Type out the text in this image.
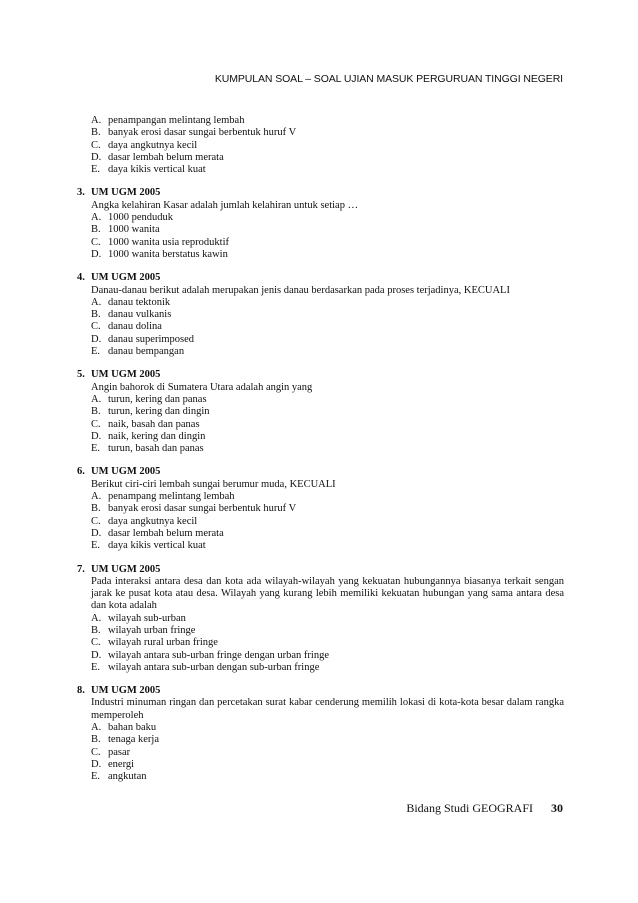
KUMPULAN SOAL – SOAL UJIAN MASUK PERGURUAN TINGGI NEGERI
A. penampangan melintang lembah
B. banyak erosi dasar sungai berbentuk huruf V
C. daya angkutnya kecil
D. dasar lembah belum merata
E. daya kikis vertical kuat
3. UM UGM 2005
Angka kelahiran Kasar adalah jumlah kelahiran untuk setiap …
A. 1000 penduduk
B. 1000 wanita
C. 1000 wanita usia reproduktif
D. 1000 wanita berstatus kawin
4. UM UGM 2005
Danau-danau berikut adalah merupakan jenis danau berdasarkan pada proses terjadinya, KECUALI
A. danau tektonik
B. danau vulkanis
C. danau dolina
D. danau superimposed
E. danau bempangan
5. UM UGM 2005
Angin bahorok di Sumatera Utara adalah angin yang
A. turun, kering dan panas
B. turun, kering dan dingin
C. naik, basah dan panas
D. naik, kering dan dingin
E. turun, basah dan panas
6. UM UGM 2005
Berikut ciri-ciri lembah sungai berumur muda, KECUALI
A. penampang melintang lembah
B. banyak erosi dasar sungai berbentuk huruf V
C. daya angkutnya kecil
D. dasar lembah belum merata
E. daya kikis vertical kuat
7. UM UGM 2005
Pada interaksi antara desa dan kota ada wilayah-wilayah yang kekuatan hubungannya biasanya terkait sengan jarak ke pusat kota atau desa. Wilayah yang kurang lebih memiliki kekuatan hubungan yang sama antara desa dan kota adalah
A. wilayah sub-urban
B. wilayah urban fringe
C. wilayah rural urban fringe
D. wilayah antara sub-urban fringe dengan urban fringe
E. wilayah antara sub-urban dengan sub-urban fringe
8. UM UGM 2005
Industri minuman ringan dan percetakan surat kabar cenderung memilih lokasi di kota-kota besar dalam rangka memperoleh
A. bahan baku
B. tenaga kerja
C. pasar
D. energi
E. angkutan
Bidang Studi GEOGRAFI 30
